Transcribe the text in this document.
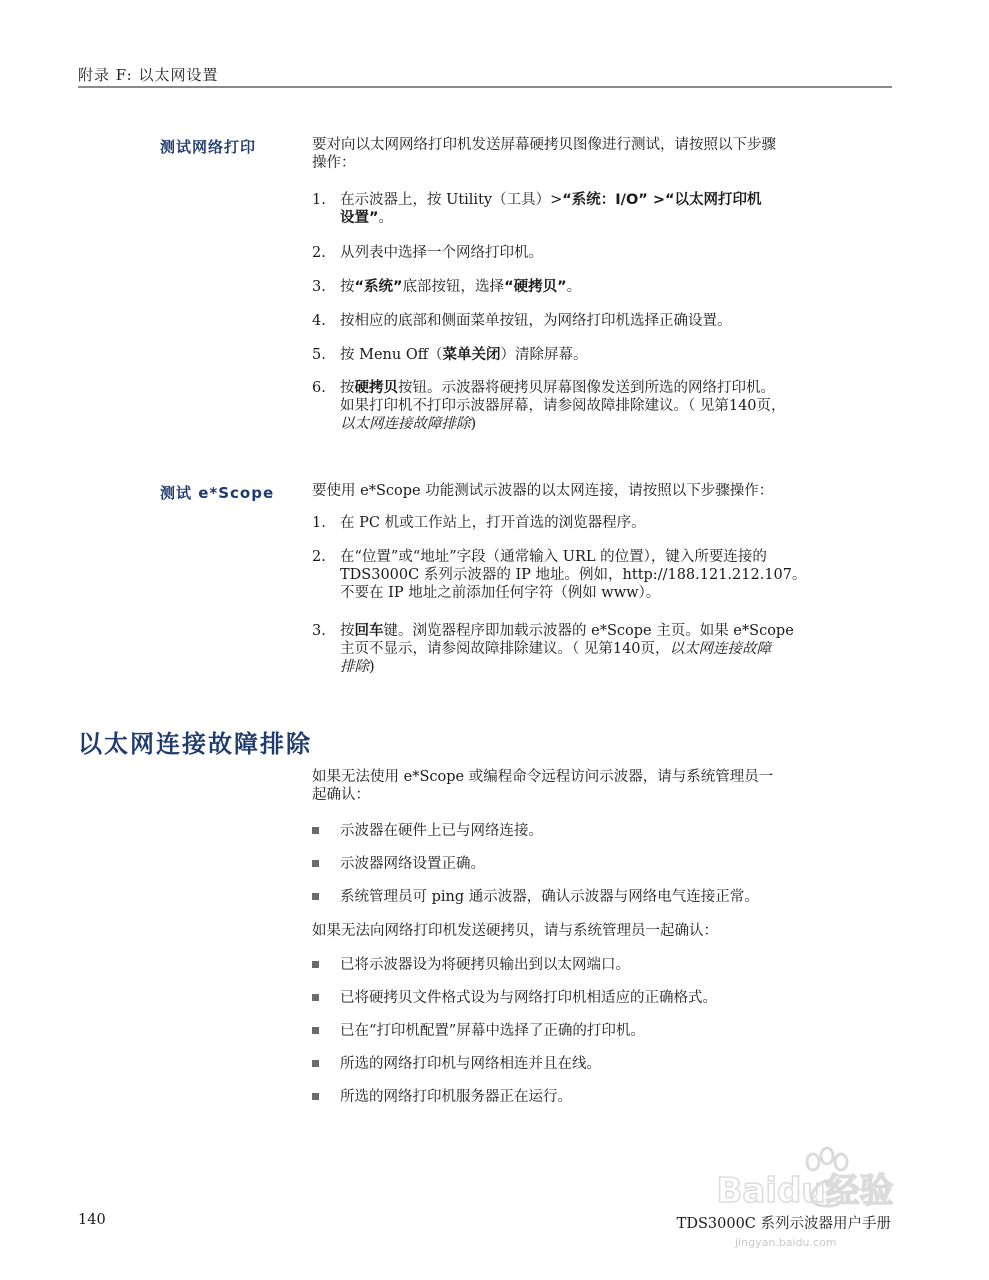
附录 F: 以太网设置
测试网络打印	要对向以太网网络打印机发送屏幕硬拷贝图像进行测试，请按照以下步骤
操作：
1. 在示波器上，按 Utility（工具）>“系统：I/O” >“以太网打印机
设置”。
2. 从列表中选择一个网络打印机。
3. 按“系统”底部按钮，选择“硬拷贝”。
4. 按相应的底部和侧面菜单按钮，为网络打印机选择正确设置。
5. 按 Menu Off（菜单关闭）清除屏幕。
6. 按硬拷贝按钮。示波器将硬拷贝屏幕图像发送到所选的网络打印机。
如果打印机不打印示波器屏幕，请参阅故障排除建议。（ 见第140页，
以太网连接故障排除)
测试 e*Scope	要使用 e*Scope 功能测试示波器的以太网连接，请按照以下步骤操作：
1. 在 PC 机或工作站上，打开首选的浏览器程序。
2. 在“位置”或“地址”字段（通常输入 URL 的位置），键入所要连接的
TDS3000C 系列示波器的 IP 地址。例如，http://188.121.212.107。
不要在 IP 地址之前添加任何字符（例如 www）。
3. 按回车键。浏览器程序即加载示波器的 e*Scope 主页。如果 e*Scope
主页不显示，请参阅故障排除建议。（ 见第140页，以太网连接故障
排除)
以太网连接故障排除
如果无法使用 e*Scope 或编程命令远程访问示波器，请与系统管理员一
起确认：
示波器在硬件上已与网络连接。
示波器网络设置正确。
系统管理员可 ping 通示波器，确认示波器与网络电气连接正常。
如果无法向网络打印机发送硬拷贝，请与系统管理员一起确认：
已将示波器设为将硬拷贝输出到以太网端口。
已将硬拷贝文件格式设为与网络打印机相适应的正确格式。
已在“打印机配置”屏幕中选择了正确的打印机。
所选的网络打印机与网络相连并且在线。
所选的网络打印机服务器正在运行。
Baidu经验
jingyan.baidu.com
140	TDS3000C 系列示波器用户手册
